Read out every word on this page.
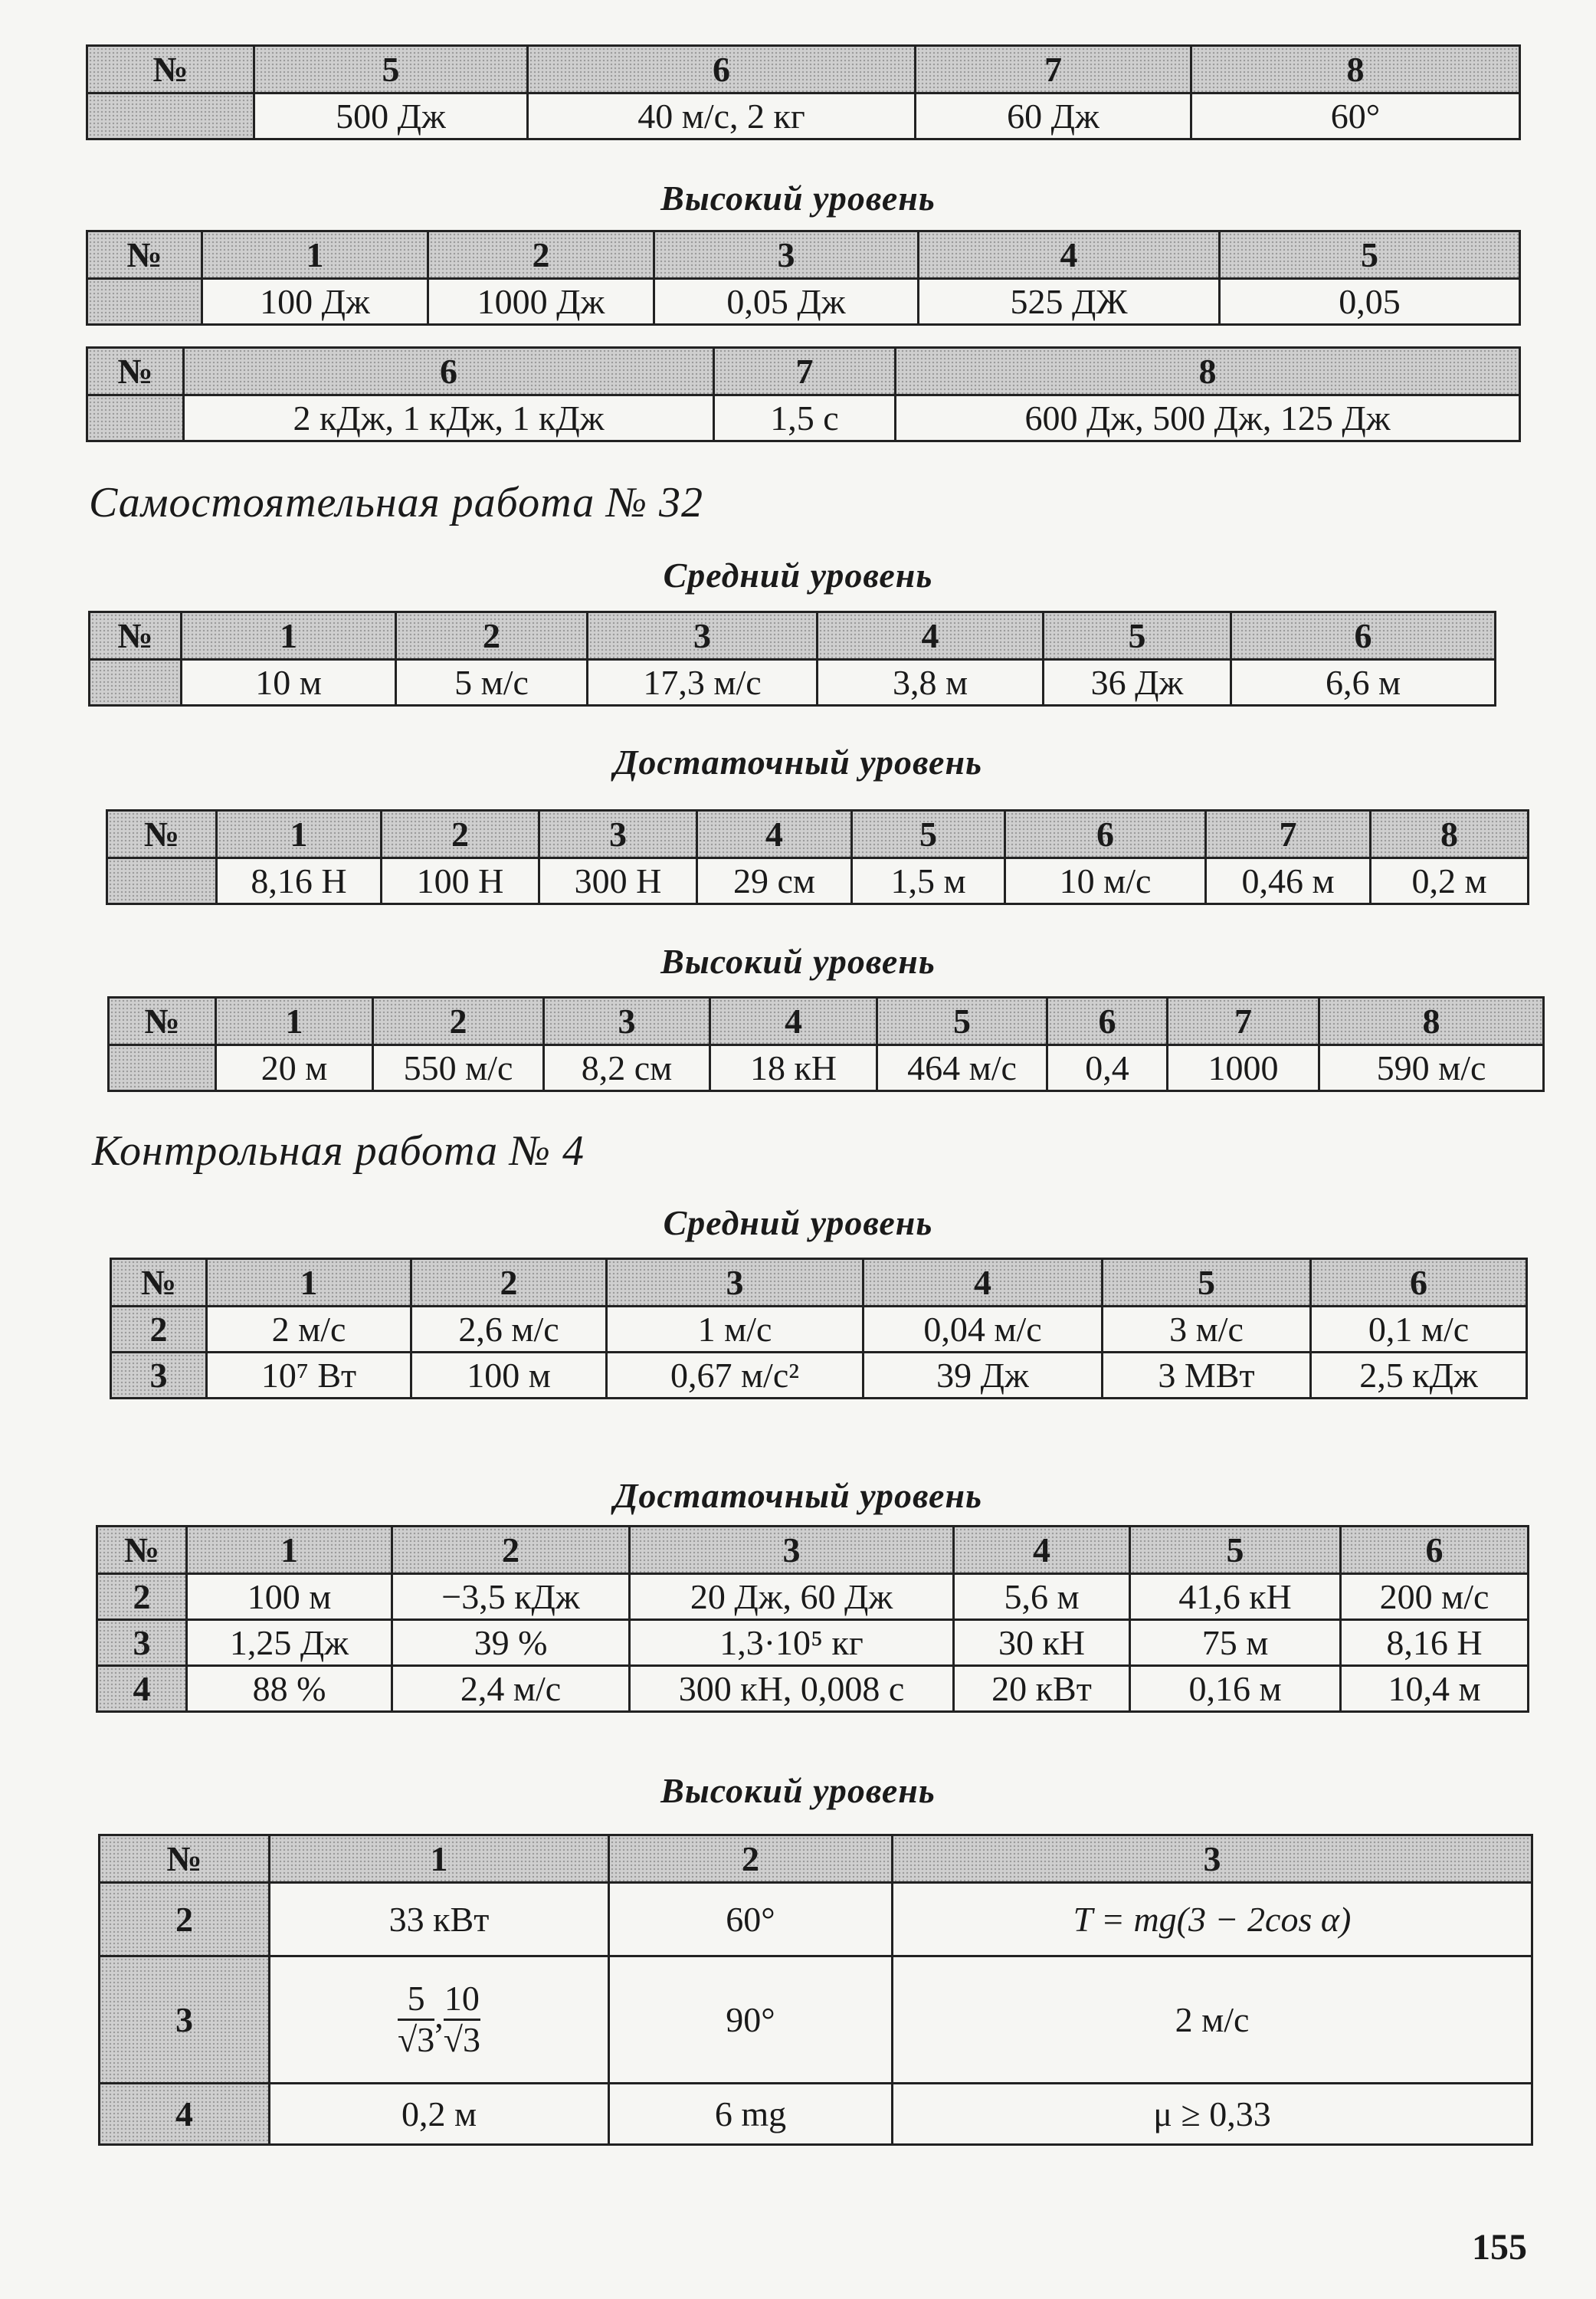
№	5	6	7	8
	500 Дж	40 м/с, 2 кг	60 Дж	60°
Высокий уровень
№	1	2	3	4	5
	100 Дж	1000 Дж	0,05 Дж	525 ДЖ	0,05
№	6	7	8
	2 кДж, 1 кДж, 1 кДж	1,5 с	600 Дж, 500 Дж, 125 Дж
Самостоятельная работа № 32
Средний уровень
№	1	2	3	4	5	6
	10 м	5 м/с	17,3 м/с	3,8 м	36 Дж	6,6 м
Достаточный уровень
№	1	2	3	4	5	6	7	8
	8,16 Н	100 Н	300 Н	29 см	1,5 м	10 м/с	0,46 м	0,2 м
Высокий уровень
№	1	2	3	4	5	6	7	8
	20 м	550 м/с	8,2 см	18 кН	464 м/с	0,4	1000	590 м/с
Контрольная работа № 4
Средний уровень
№	1	2	3	4	5	6
2	2 м/с	2,6 м/с	1 м/с	0,04 м/с	3 м/с	0,1 м/с
3	10⁷ Вт	100 м	0,67 м/с²	39 Дж	3 МВт	2,5 кДж
Достаточный уровень
№	1	2	3	4	5	6
2	100 м	−3,5 кДж	20 Дж, 60 Дж	5,6 м	41,6 кН	200 м/с
3	1,25 Дж	39 %	1,3·10⁵ кг	30 кН	75 м	8,16 Н
4	88 %	2,4 м/с	300 кН, 0,008 с	20 кВт	0,16 м	10,4 м
Высокий уровень
№	1	2	3
2	33 кВт	60°	T = mg(3 − 2cos α)
3	$\frac{5}{√3}$ , $\frac{10}{√3}$	90°	2 м/с
4	0,2 м	6 mg	μ ≥ 0,33
155
